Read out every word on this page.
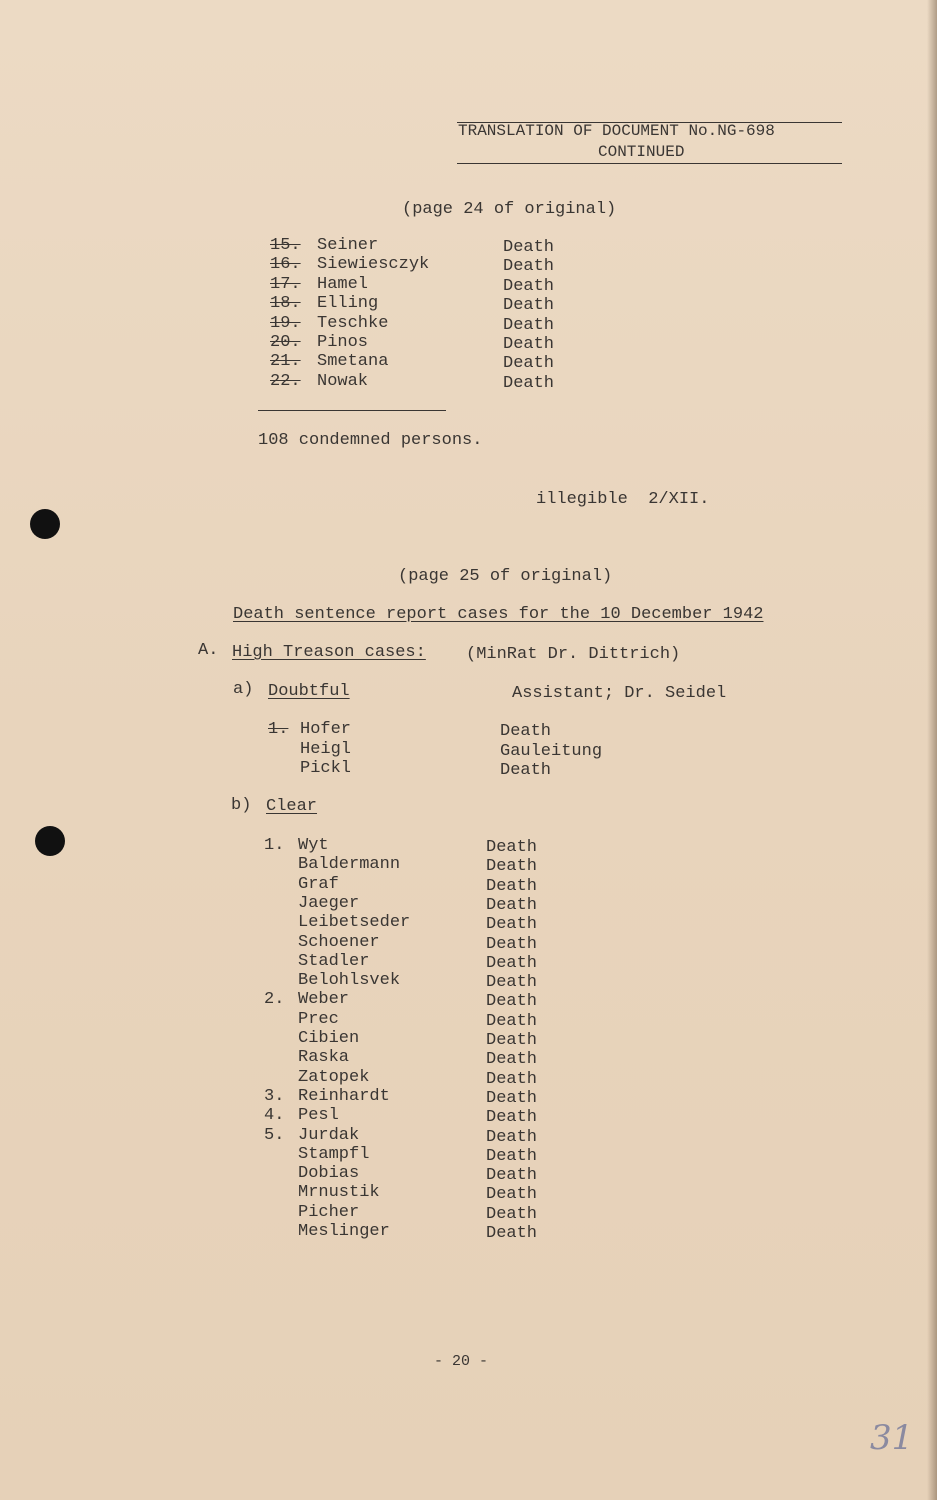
TRANSLATION OF DOCUMENT No.NG-698
CONTINUED
(page 24 of original)
15. Seiner	Death
16. Siewiesczyk	Death
17. Hamel	Death
18. Elling	Death
19. Teschke	Death
20. Pinos	Death
21. Smetana	Death
22. Nowak	Death
108 condemned persons.
illegible  2/XII.
(page 25 of original)
Death sentence report cases for the 10 December 1942
A. High Treason cases: (MinRat Dr. Dittrich)
a) Doubtful	Assistant; Dr. Seidel
1. Hofer	Death
Heigl	Gauleitung
Pickl	Death
b) Clear
1. Wyt	Death
Baldermann	Death
Graf	Death
Jaeger	Death
Leibetseder	Death
Schoener	Death
Stadler	Death
Belohlsvek	Death
2. Weber	Death
Prec	Death
Cibien	Death
Raska	Death
Zatopek	Death
3. Reinhardt	Death
4. Pesl	Death
5. Jurdak	Death
Stampfl	Death
Dobias	Death
Mrnustik	Death
Picher	Death
Meslinger	Death
- 20 -
31
